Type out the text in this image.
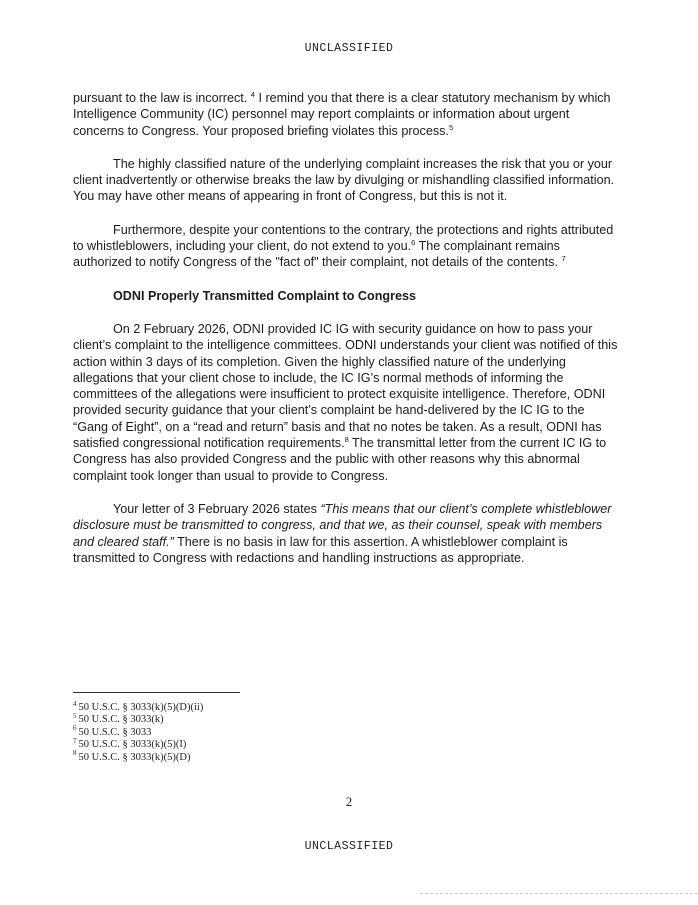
UNCLASSIFIED

pursuant to the law is incorrect. $^4$ I remind you that there is a clear statutory mechanism by which Intelligence Community (IC) personnel may report complaints or information about urgent concerns to Congress. Your proposed briefing violates this process.$^5$

The highly classified nature of the underlying complaint increases the risk that you or your client inadvertently or otherwise breaks the law by divulging or mishandling classified information. You may have other means of appearing in front of Congress, but this is not it.

Furthermore, despite your contentions to the contrary, the protections and rights attributed to whistleblowers, including your client, do not extend to you.$^6$ The complainant remains authorized to notify Congress of the "fact of" their complaint, not details of the contents. $^7$

ODNI Properly Transmitted Complaint to Congress

On 2 February 2026, ODNI provided IC IG with security guidance on how to pass your client’s complaint to the intelligence committees. ODNI understands your client was notified of this action within 3 days of its completion. Given the highly classified nature of the underlying allegations that your client chose to include, the IC IG’s normal methods of informing the committees of the allegations were insufficient to protect exquisite intelligence. Therefore, ODNI provided security guidance that your client’s complaint be hand-delivered by the IC IG to the “Gang of Eight”, on a “read and return” basis and that no notes be taken. As a result, ODNI has satisfied congressional notification requirements.$^8$ The transmittal letter from the current IC IG to Congress has also provided Congress and the public with other reasons why this abnormal complaint took longer than usual to provide to Congress.

Your letter of 3 February 2026 states “This means that our client’s complete whistleblower disclosure must be transmitted to congress, and that we, as their counsel, speak with members and cleared staff.” There is no basis in law for this assertion. A whistleblower complaint is transmitted to Congress with redactions and handling instructions as appropriate.

$^4$ 50 U.S.C. § 3033(k)(5)(D)(ii)
$^5$ 50 U.S.C. § 3033(k)
$^6$ 50 U.S.C. § 3033
$^7$ 50 U.S.C. § 3033(k)(5)(I)
$^8$ 50 U.S.C. § 3033(k)(5)(D)
2
UNCLASSIFIED
